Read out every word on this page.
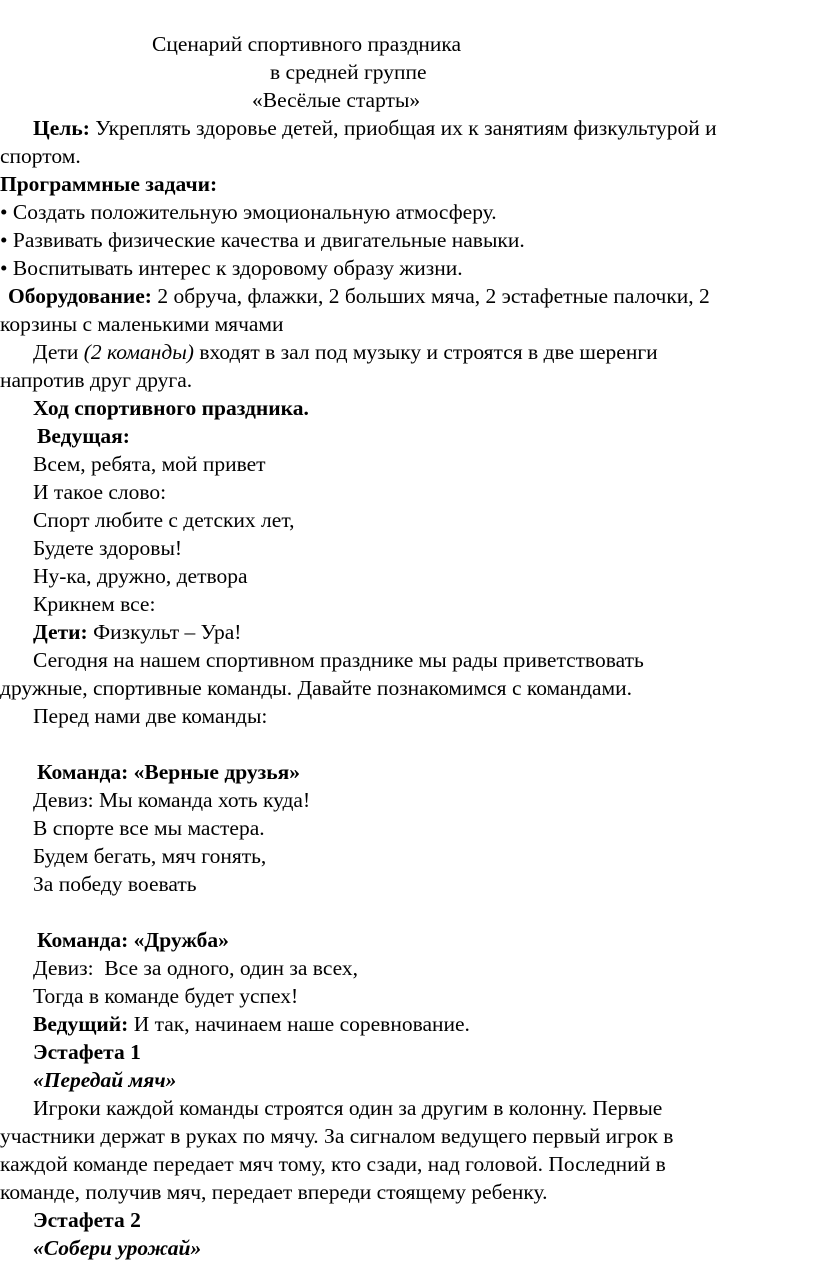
Сценарий спортивного праздника
в средней группе
«Весёлые старты»
Цель: Укреплять здоровье детей, приобщая их к занятиям физкультурой и
спортом.
Программные задачи:
• Создать положительную эмоциональную атмосферу.
• Развивать физические качества и двигательные навыки.
• Воспитывать интерес к здоровому образу жизни.
Оборудование: 2 обруча, флажки, 2 больших мяча, 2 эстафетные палочки, 2
корзины с маленькими мячами
Дети (2 команды) входят в зал под музыку и строятся в две шеренги
напротив друг друга.
Ход спортивного праздника.
Ведущая:
Всем, ребята, мой привет
И такое слово:
Спорт любите с детских лет,
Будете здоровы!
Ну-ка, дружно, детвора
Крикнем все:
Дети: Физкульт – Ура!
Сегодня на нашем спортивном празднике мы рады приветствовать
дружные, спортивные команды. Давайте познакомимся с командами.
Перед нами две команды:
Команда: «Верные друзья»
Девиз: Мы команда хоть куда!
В спорте все мы мастера.
Будем бегать, мяч гонять,
За победу воевать
Команда: «Дружба»
Девиз:  Все за одного, один за всех,
Тогда в команде будет успех!
Ведущий: И так, начинаем наше соревнование.
Эстафета 1
«Передай мяч»
Игроки каждой команды строятся один за другим в колонну. Первые
участники держат в руках по мячу. За сигналом ведущего первый игрок в
каждой команде передает мяч тому, кто сзади, над головой. Последний в
команде, получив мяч, передает впереди стоящему ребенку.
Эстафета 2
«Собери урожай»
